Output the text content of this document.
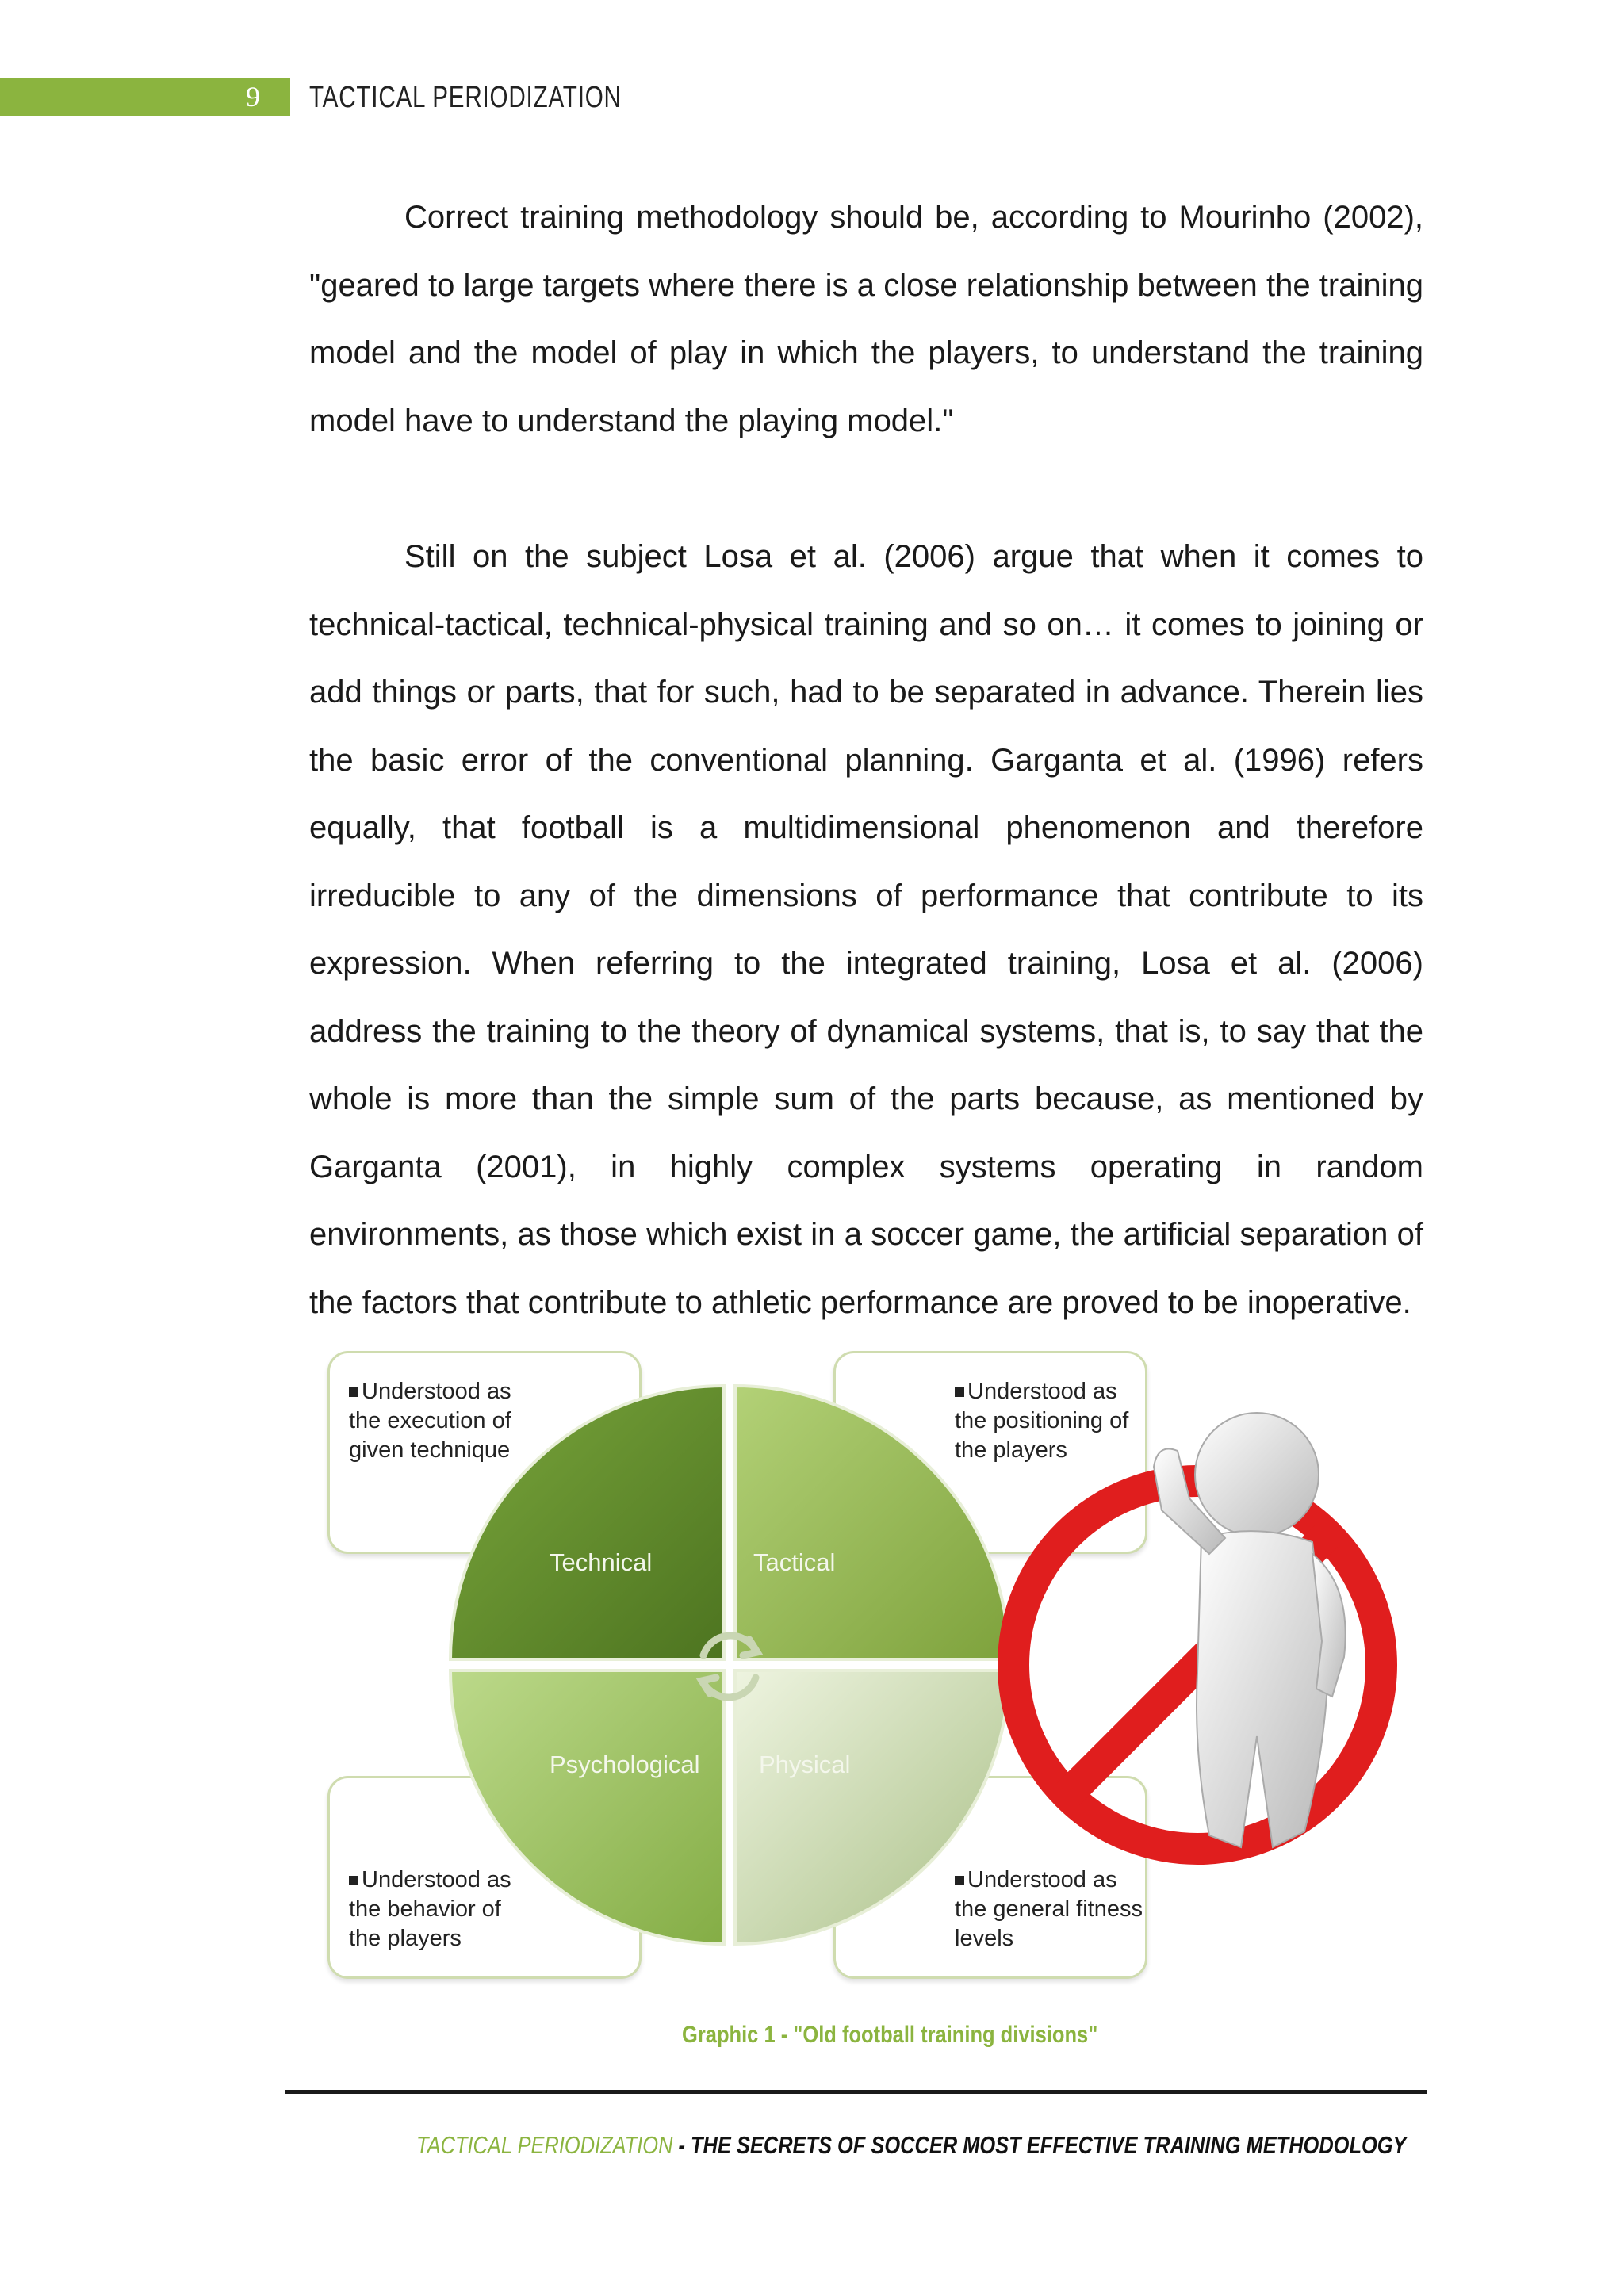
9 TACTICAL PERIODIZATION

Correct training methodology should be, according to Mourinho (2002), "geared to large targets where there is a close relationship between the training model and the model of play in which the players, to understand the training model have to understand the playing model."

Still on the subject Losa et al. (2006) argue that when it comes to technical-tactical, technical-physical training and so on… it comes to joining or add things or parts, that for such, had to be separated in advance. Therein lies the basic error of the conventional planning. Garganta et al. (1996) refers equally, that football is a multidimensional phenomenon and therefore irreducible to any of the dimensions of performance that contribute to its expression. When referring to the integrated training, Losa et al. (2006) address the training to the theory of dynamical systems, that is, to say that the whole is more than the simple sum of the parts because, as mentioned by Garganta (2001), in highly complex systems operating in random environments, as those which exist in a soccer game, the artificial separation of the factors that contribute to athletic performance are proved to be inoperative.

Understood as the execution of given technique
Understood as the positioning of the players
Understood as the behavior of the players
Understood as the general fitness levels
Technical	Tactical
Psychological Physical
Graphic 1 - "Old football training divisions"
TACTICAL PERIODIZATION - THE SECRETS OF SOCCER MOST EFFECTIVE TRAINING METHODOLOGY
